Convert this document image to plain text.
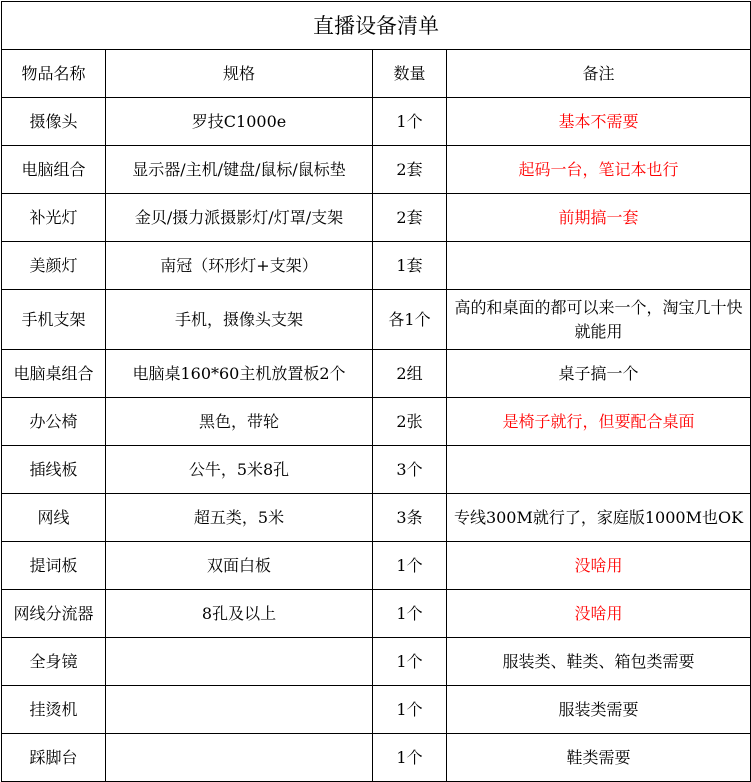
直播设备清单			
物品名称	规格	数量	备注
摄像头	罗技C1000e	1个	基本不需要
电脑组合	显示器/主机/键盘/鼠标/鼠标垫	2套	起码一台，笔记本也行
补光灯	金贝/摄力派摄影灯/灯罩/支架	2套	前期搞一套
美颜灯	南冠（环形灯+支架）	1套	
手机支架	手机，摄像头支架	各1个	高的和桌面的都可以来一个，淘宝几十快就能用
电脑桌组合	电脑桌160*60主机放置板2个	2组	桌子搞一个
办公椅	黑色，带轮	2张	是椅子就行，但要配合桌面
插线板	公牛，5米8孔	3个	
网线	超五类，5米	3条	专线300M就行了，家庭版1000M也OK
提词板	双面白板	1个	没啥用
网线分流器	8孔及以上	1个	没啥用
全身镜		1个	服装类、鞋类、箱包类需要
挂烫机		1个	服装类需要
踩脚台		1个	鞋类需要
